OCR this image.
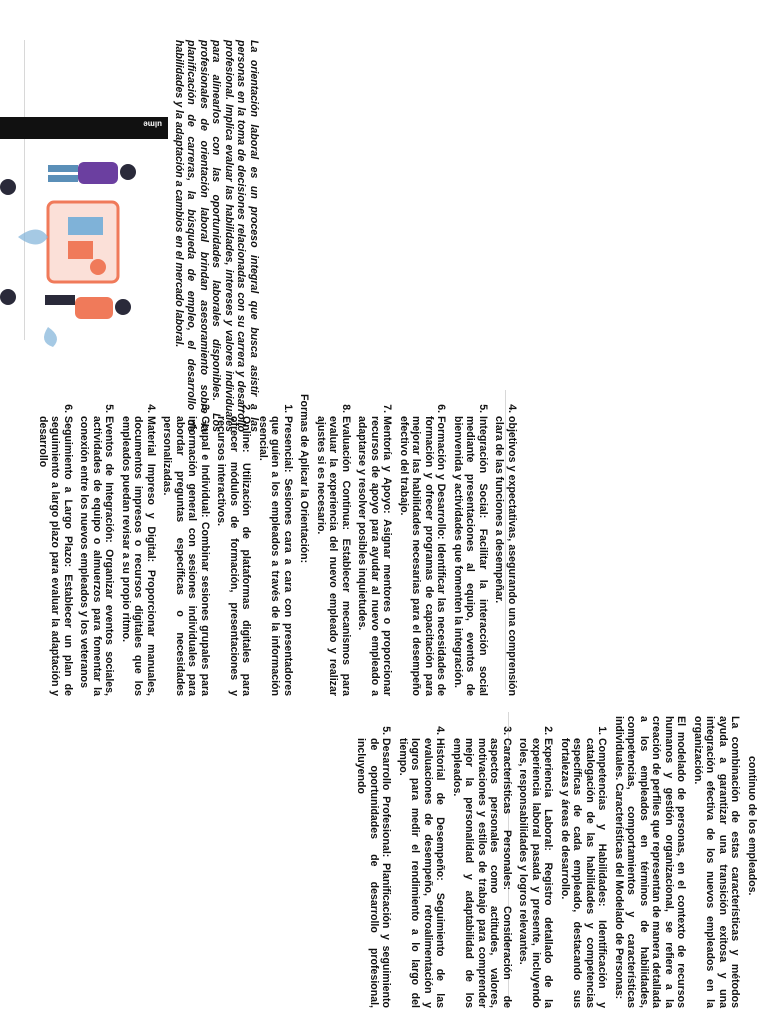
La orientación laboral es un proceso integral que busca asistir a las personas en la toma de decisiones relacionadas con su carrera y desarrollo profesional. Implica evaluar las habilidades, intereses y valores individuales para alinearlos con las oportunidades laborales disponibles. Los profesionales de orientación laboral brindan asesoramiento sobre la planificación de carreras, la búsqueda de empleo, el desarrollo de habilidades y la adaptación a cambios en el mercado laboral.

ulme

4. objetivos y expectativas, asegurando una comprensión clara de las funciones a desempeñar.
5. Integración Social: Facilitar la interacción social mediante presentaciones al equipo, eventos de bienvenida y actividades que fomenten la integración.
6. Formación y Desarrollo: Identificar las necesidades de formación y ofrecer programas de capacitación para mejorar las habilidades necesarias para el desempeño efectivo del trabajo.
7. Mentoría y Apoyo: Asignar mentores o proporcionar recursos de apoyo para ayudar al nuevo empleado a adaptarse y resolver posibles inquietudes.
8. Evaluación Continua: Establecer mecanismos para evaluar la experiencia del nuevo empleado y realizar ajustes si es necesario.

Formas de Aplicar la Orientación:

1. Presencial: Sesiones cara a cara con presentadores que guíen a los empleados a través de la información esencial.
2. Online: Utilización de plataformas digitales para ofrecer módulos de formación, presentaciones y recursos interactivos.
3. Grupal e Individual: Combinar sesiones grupales para información general con sesiones individuales para abordar preguntas específicas o necesidades personalizadas.
4. Material Impreso y Digital: Proporcionar manuales, documentos impresos o recursos digitales que los empleados puedan revisar a su propio ritmo.
5. Eventos de Integración: Organizar eventos sociales, actividades de equipo o almuerzos para fomentar la conexión entre los nuevos empleados y los veteranos
6. Seguimiento a Largo Plazo: Establecer un plan de seguimiento a largo plazo para evaluar la adaptación y desarrollo

continuo de los empleados.

La combinación de estas características y métodos ayuda a garantizar una transición exitosa y una integración efectiva de los nuevos empleados en la organización.

El modelado de personas, en el contexto de recursos humanos y gestión organizacional, se refiere a la creación de perfiles que representan de manera detallada a los empleados en términos de habilidades, competencias, comportamientos y características individuales. Características del Modelado de Personas:

1. Competencias y Habilidades: Identificación y catalogación de las habilidades y competencias específicas de cada empleado, destacando sus fortalezas y áreas de desarrollo.
2. Experiencia Laboral: Registro detallado de la experiencia laboral pasada y presente, incluyendo roles, responsabilidades y logros relevantes.
3. Características Personales: Consideración de aspectos personales como actitudes, valores, motivaciones y estilos de trabajo para comprender mejor la personalidad y adaptabilidad de los empleados.
4. Historial de Desempeño: Seguimiento de las evaluaciones de desempeño, retroalimentación y logros para medir el rendimiento a lo largo del tiempo.
5. Desarrollo Profesional: Planificación y seguimiento de oportunidades de desarrollo profesional, incluyendo
